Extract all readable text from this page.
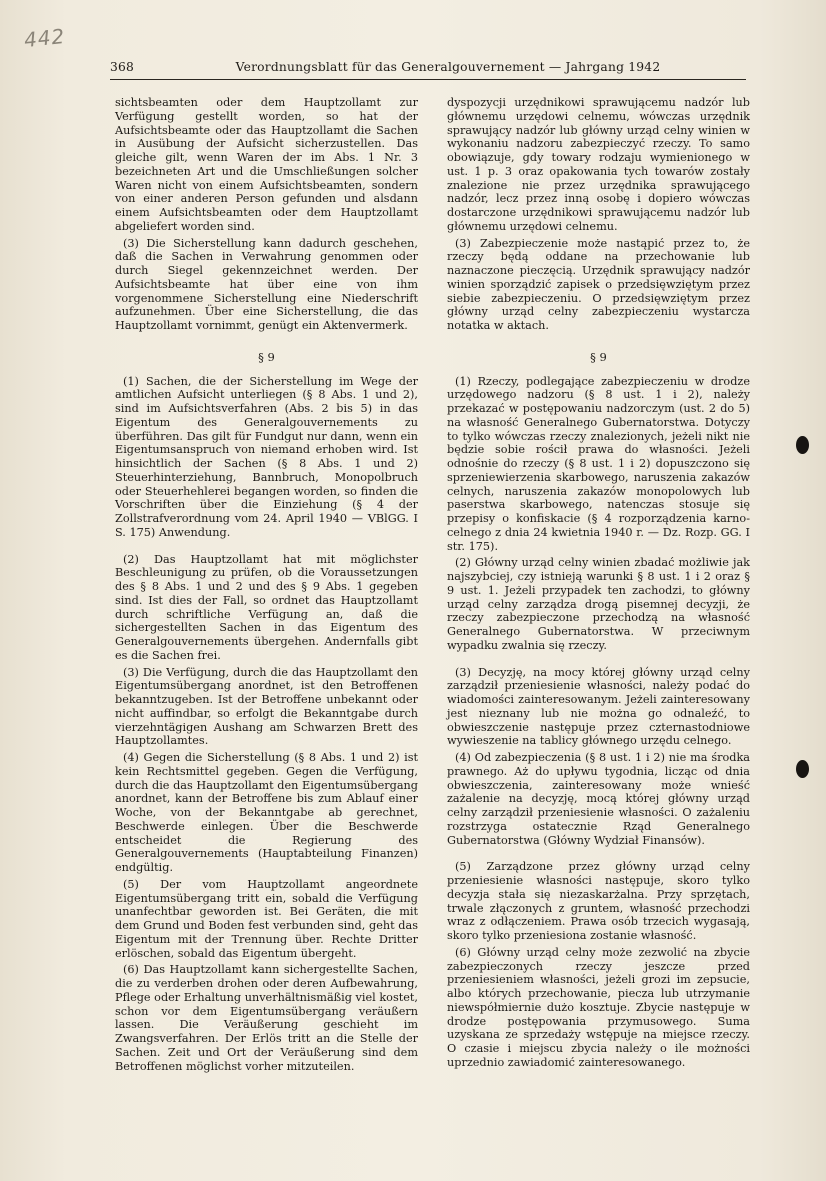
442
368	Verordnungsblatt für das Generalgouvernement — Jahrgang 1942

sichtsbeamten oder dem Hauptzollamt zur Verfügung gestellt worden, so hat der Aufsichtsbeamte oder das Hauptzollamt die Sachen in Ausübung der Aufsicht sicherzustellen. Das gleiche gilt, wenn Waren der im Abs. 1 Nr. 3 bezeichneten Art und die Umschließungen solcher Waren nicht von einem Aufsichtsbeamten, sondern von einer anderen Person gefunden und alsdann einem Aufsichtsbeamten oder dem Hauptzollamt abgeliefert worden sind.

(3) Die Sicherstellung kann dadurch geschehen, daß die Sachen in Verwahrung genommen oder durch Siegel gekennzeichnet werden. Der Aufsichtsbeamte hat über eine von ihm vorgenommene Sicherstellung eine Niederschrift aufzunehmen. Über eine Sicherstellung, die das Hauptzollamt vornimmt, genügt ein Aktenvermerk.

§ 9

(1) Sachen, die der Sicherstellung im Wege der amtlichen Aufsicht unterliegen (§ 8 Abs. 1 und 2), sind im Aufsichtsverfahren (Abs. 2 bis 5) in das Eigentum des Generalgouvernements zu überführen. Das gilt für Fundgut nur dann, wenn ein Eigentumsanspruch von niemand erhoben wird. Ist hinsichtlich der Sachen (§ 8 Abs. 1 und 2) Steuerhinterziehung, Bannbruch, Monopolbruch oder Steuerhehlerei begangen worden, so finden die Vorschriften über die Einziehung (§ 4 der Zollstrafverordnung vom 24. April 1940 — VBlGG. I S. 175) Anwendung.

(2) Das Hauptzollamt hat mit möglichster Beschleunigung zu prüfen, ob die Voraussetzungen des § 8 Abs. 1 und 2 und des § 9 Abs. 1 gegeben sind. Ist dies der Fall, so ordnet das Hauptzollamt durch schriftliche Verfügung an, daß die sichergestellten Sachen in das Eigentum des Generalgouvernements übergehen. Andernfalls gibt es die Sachen frei.

(3) Die Verfügung, durch die das Hauptzollamt den Eigentumsübergang anordnet, ist den Betroffenen bekanntzugeben. Ist der Betroffene unbekannt oder nicht auffindbar, so erfolgt die Bekanntgabe durch vierzehntägigen Aushang am Schwarzen Brett des Hauptzollamtes.

(4) Gegen die Sicherstellung (§ 8 Abs. 1 und 2) ist kein Rechtsmittel gegeben. Gegen die Verfügung, durch die das Hauptzollamt den Eigentumsübergang anordnet, kann der Betroffene bis zum Ablauf einer Woche, von der Bekanntgabe ab gerechnet, Beschwerde einlegen. Über die Beschwerde entscheidet die Regierung des Generalgouvernements (Hauptabteilung Finanzen) endgültig.

(5) Der vom Hauptzollamt angeordnete Eigentumsübergang tritt ein, sobald die Verfügung unanfechtbar geworden ist. Bei Geräten, die mit dem Grund und Boden fest verbunden sind, geht das Eigentum mit der Trennung über. Rechte Dritter erlöschen, sobald das Eigentum übergeht.

(6) Das Hauptzollamt kann sichergestellte Sachen, die zu verderben drohen oder deren Aufbewahrung, Pflege oder Erhaltung unverhältnismäßig viel kostet, schon vor dem Eigentumsübergang veräußern lassen. Die Veräußerung geschieht im Zwangsverfahren. Der Erlös tritt an die Stelle der Sachen. Zeit und Ort der Veräußerung sind dem Betroffenen möglichst vorher mitzuteilen.

dyspozycji urzędnikowi sprawującemu nadzór lub głównemu urzędowi celnemu, wówczas urzędnik sprawujący nadzór lub główny urząd celny winien w wykonaniu nadzoru zabezpieczyć rzeczy. To samo obowiązuje, gdy towary rodzaju wymienionego w ust. 1 p. 3 oraz opakowania tych towarów zostały znalezione nie przez urzędnika sprawującego nadzór, lecz przez inną osobę i dopiero wówczas dostarczone urzędnikowi sprawującemu nadzór lub głównemu urzędowi celnemu.

(3) Zabezpieczenie może nastąpić przez to, że rzeczy będą oddane na przechowanie lub naznaczone pieczęcią. Urzędnik sprawujący nadzór winien sporządzić zapisek o przedsięwziętym przez siebie zabezpieczeniu. O przedsięwziętym przez główny urząd celny zabezpieczeniu wystarcza notatka w aktach.

§ 9

(1) Rzeczy, podlegające zabezpieczeniu w drodze urzędowego nadzoru (§ 8 ust. 1 i 2), należy przekazać w postępowaniu nadzorczym (ust. 2 do 5) na własność Generalnego Gubernatorstwa. Dotyczy to tylko wówczas rzeczy znalezionych, jeżeli nikt nie będzie sobie rościł prawa do własności. Jeżeli odnośnie do rzeczy (§ 8 ust. 1 i 2) dopuszczono się sprzeniewierzenia skarbowego, naruszenia zakazów celnych, naruszenia zakazów monopolowych lub paserstwa skarbowego, natenczas stosuje się przepisy o konfiskacie (§ 4 rozporządzenia karno-celnego z dnia 24 kwietnia 1940 r. — Dz. Rozp. GG. I str. 175).

(2) Główny urząd celny winien zbadać możliwie jak najszybciej, czy istnieją warunki § 8 ust. 1 i 2 oraz § 9 ust. 1. Jeżeli przypadek ten zachodzi, to główny urząd celny zarządza drogą pisemnej decyzji, że rzeczy zabezpieczone przechodzą na własność Generalnego Gubernatorstwa. W przeciwnym wypadku zwalnia się rzeczy.

(3) Decyzję, na mocy której główny urząd celny zarządził przeniesienie własności, należy podać do wiadomości zainteresowanym. Jeżeli zainteresowany jest nieznany lub nie można go odnaleźć, to obwieszczenie następuje przez czternastodniowe wywieszenie na tablicy głównego urzędu celnego.

(4) Od zabezpieczenia (§ 8 ust. 1 i 2) nie ma środka prawnego. Aż do upływu tygodnia, licząc od dnia obwieszczenia, zainteresowany może wnieść zażalenie na decyzję, mocą której główny urząd celny zarządził przeniesienie własności. O zażaleniu rozstrzyga ostatecznie Rząd Generalnego Gubernatorstwa (Główny Wydział Finansów).

(5) Zarządzone przez główny urząd celny przeniesienie własności następuje, skoro tylko decyzja stała się niezaskarżalna. Przy sprzętach, trwale złączonych z gruntem, własność przechodzi wraz z odłączeniem. Prawa osób trzecich wygasają, skoro tylko przeniesiona zostanie własność.

(6) Główny urząd celny może zezwolić na zbycie zabezpieczonych rzeczy jeszcze przed przeniesieniem własności, jeżeli grozi im zepsucie, albo których przechowanie, piecza lub utrzymanie niewspółmiernie dużo kosztuje. Zbycie następuje w drodze postępowania przymusowego. Suma uzyskana ze sprzedaży wstępuje na miejsce rzeczy. O czasie i miejscu zbycia należy o ile możności uprzednio zawiadomić zainteresowanego.
